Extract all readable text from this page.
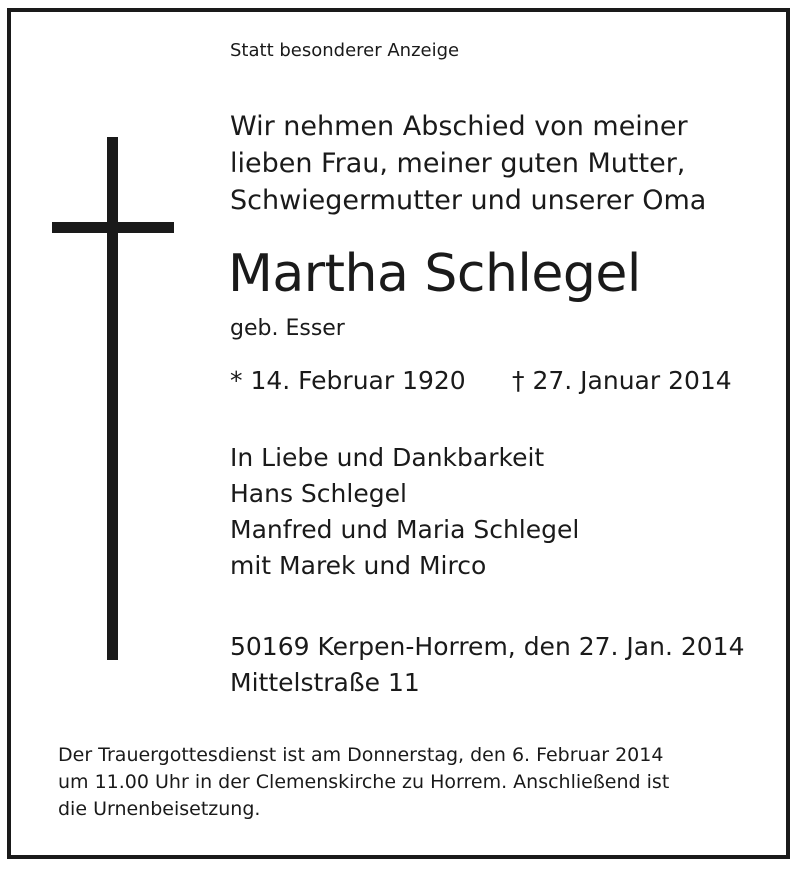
Statt besonderer Anzeige

Wir nehmen Abschied von meiner
lieben Frau, meiner guten Mutter,
Schwiegermutter und unserer Oma

Martha Schlegel

geb. Esser

* 14. Februar 1920 † 27. Januar 2014

In Liebe und Dankbarkeit
Hans Schlegel
Manfred und Maria Schlegel
mit Marek und Mirco
50169 Kerpen-Horrem, den 27. Jan. 2014
Mittelstraße 11
Der Trauergottesdienst ist am Donnerstag, den 6. Februar 2014
um 11.00 Uhr in der Clemenskirche zu Horrem. Anschließend ist
die Urnenbeisetzung.
